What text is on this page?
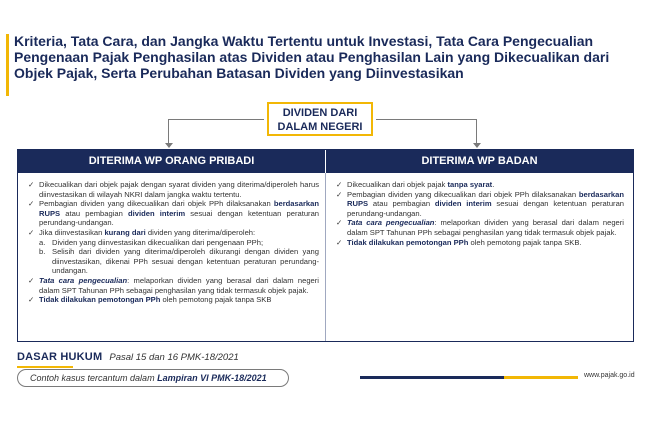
Kriteria, Tata Cara, dan Jangka Waktu Tertentu untuk Investasi, Tata Cara Pengecualian
Pengenaan Pajak Penghasilan atas Dividen atau Penghasilan Lain yang Dikecualikan dari
Objek Pajak, Serta Perubahan Batasan Dividen yang Diinvestasikan
DIVIDEN DARI
DALAM NEGERI
DITERIMA WP ORANG PRIBADI	DITERIMA WP BADAN
✓ Dikecualikan dari objek pajak dengan syarat dividen yang diterima/diperoleh harus diinvestasikan di wilayah NKRI dalam jangka waktu tertentu.
✓ Pembagian dividen yang dikecualikan dari objek PPh dilaksanakan berdasarkan RUPS atau pembagian dividen interim sesuai dengan ketentuan peraturan perundang-undangan.
✓ Jika diinvestasikan kurang dari dividen yang diterima/diperoleh:
a. Dividen yang diinvestasikan dikecualikan dari pengenaan PPh;
b. Selisih dari dividen yang diterima/diperoleh dikurangi dengan dividen yang diinvestasikan, dikenai PPh sesuai dengan ketentuan peraturan perundang-undangan.
✓ Tata cara pengecualian: melaporkan dividen yang berasal dari dalam negeri dalam SPT Tahunan PPh sebagai penghasilan yang tidak termasuk objek pajak.
✓ Tidak dilakukan pemotongan PPh oleh pemotong pajak tanpa SKB
✓ Dikecualikan dari objek pajak tanpa syarat.
✓ Pembagian dividen yang dikecualikan dari objek PPh dilaksanakan berdasarkan RUPS atau pembagian dividen interim sesuai dengan ketentuan peraturan perundang-undangan.
✓ Tata cara pengecualian: melaporkan dividen yang berasal dari dalam negeri dalam SPT Tahunan PPh sebagai penghasilan yang tidak termasuk objek pajak.
✓ Tidak dilakukan pemotongan PPh oleh pemotong pajak tanpa SKB.
DASAR HUKUM Pasal 15 dan 16 PMK-18/2021
Contoh kasus tercantum dalam Lampiran VI PMK-18/2021	www.pajak.go.id
